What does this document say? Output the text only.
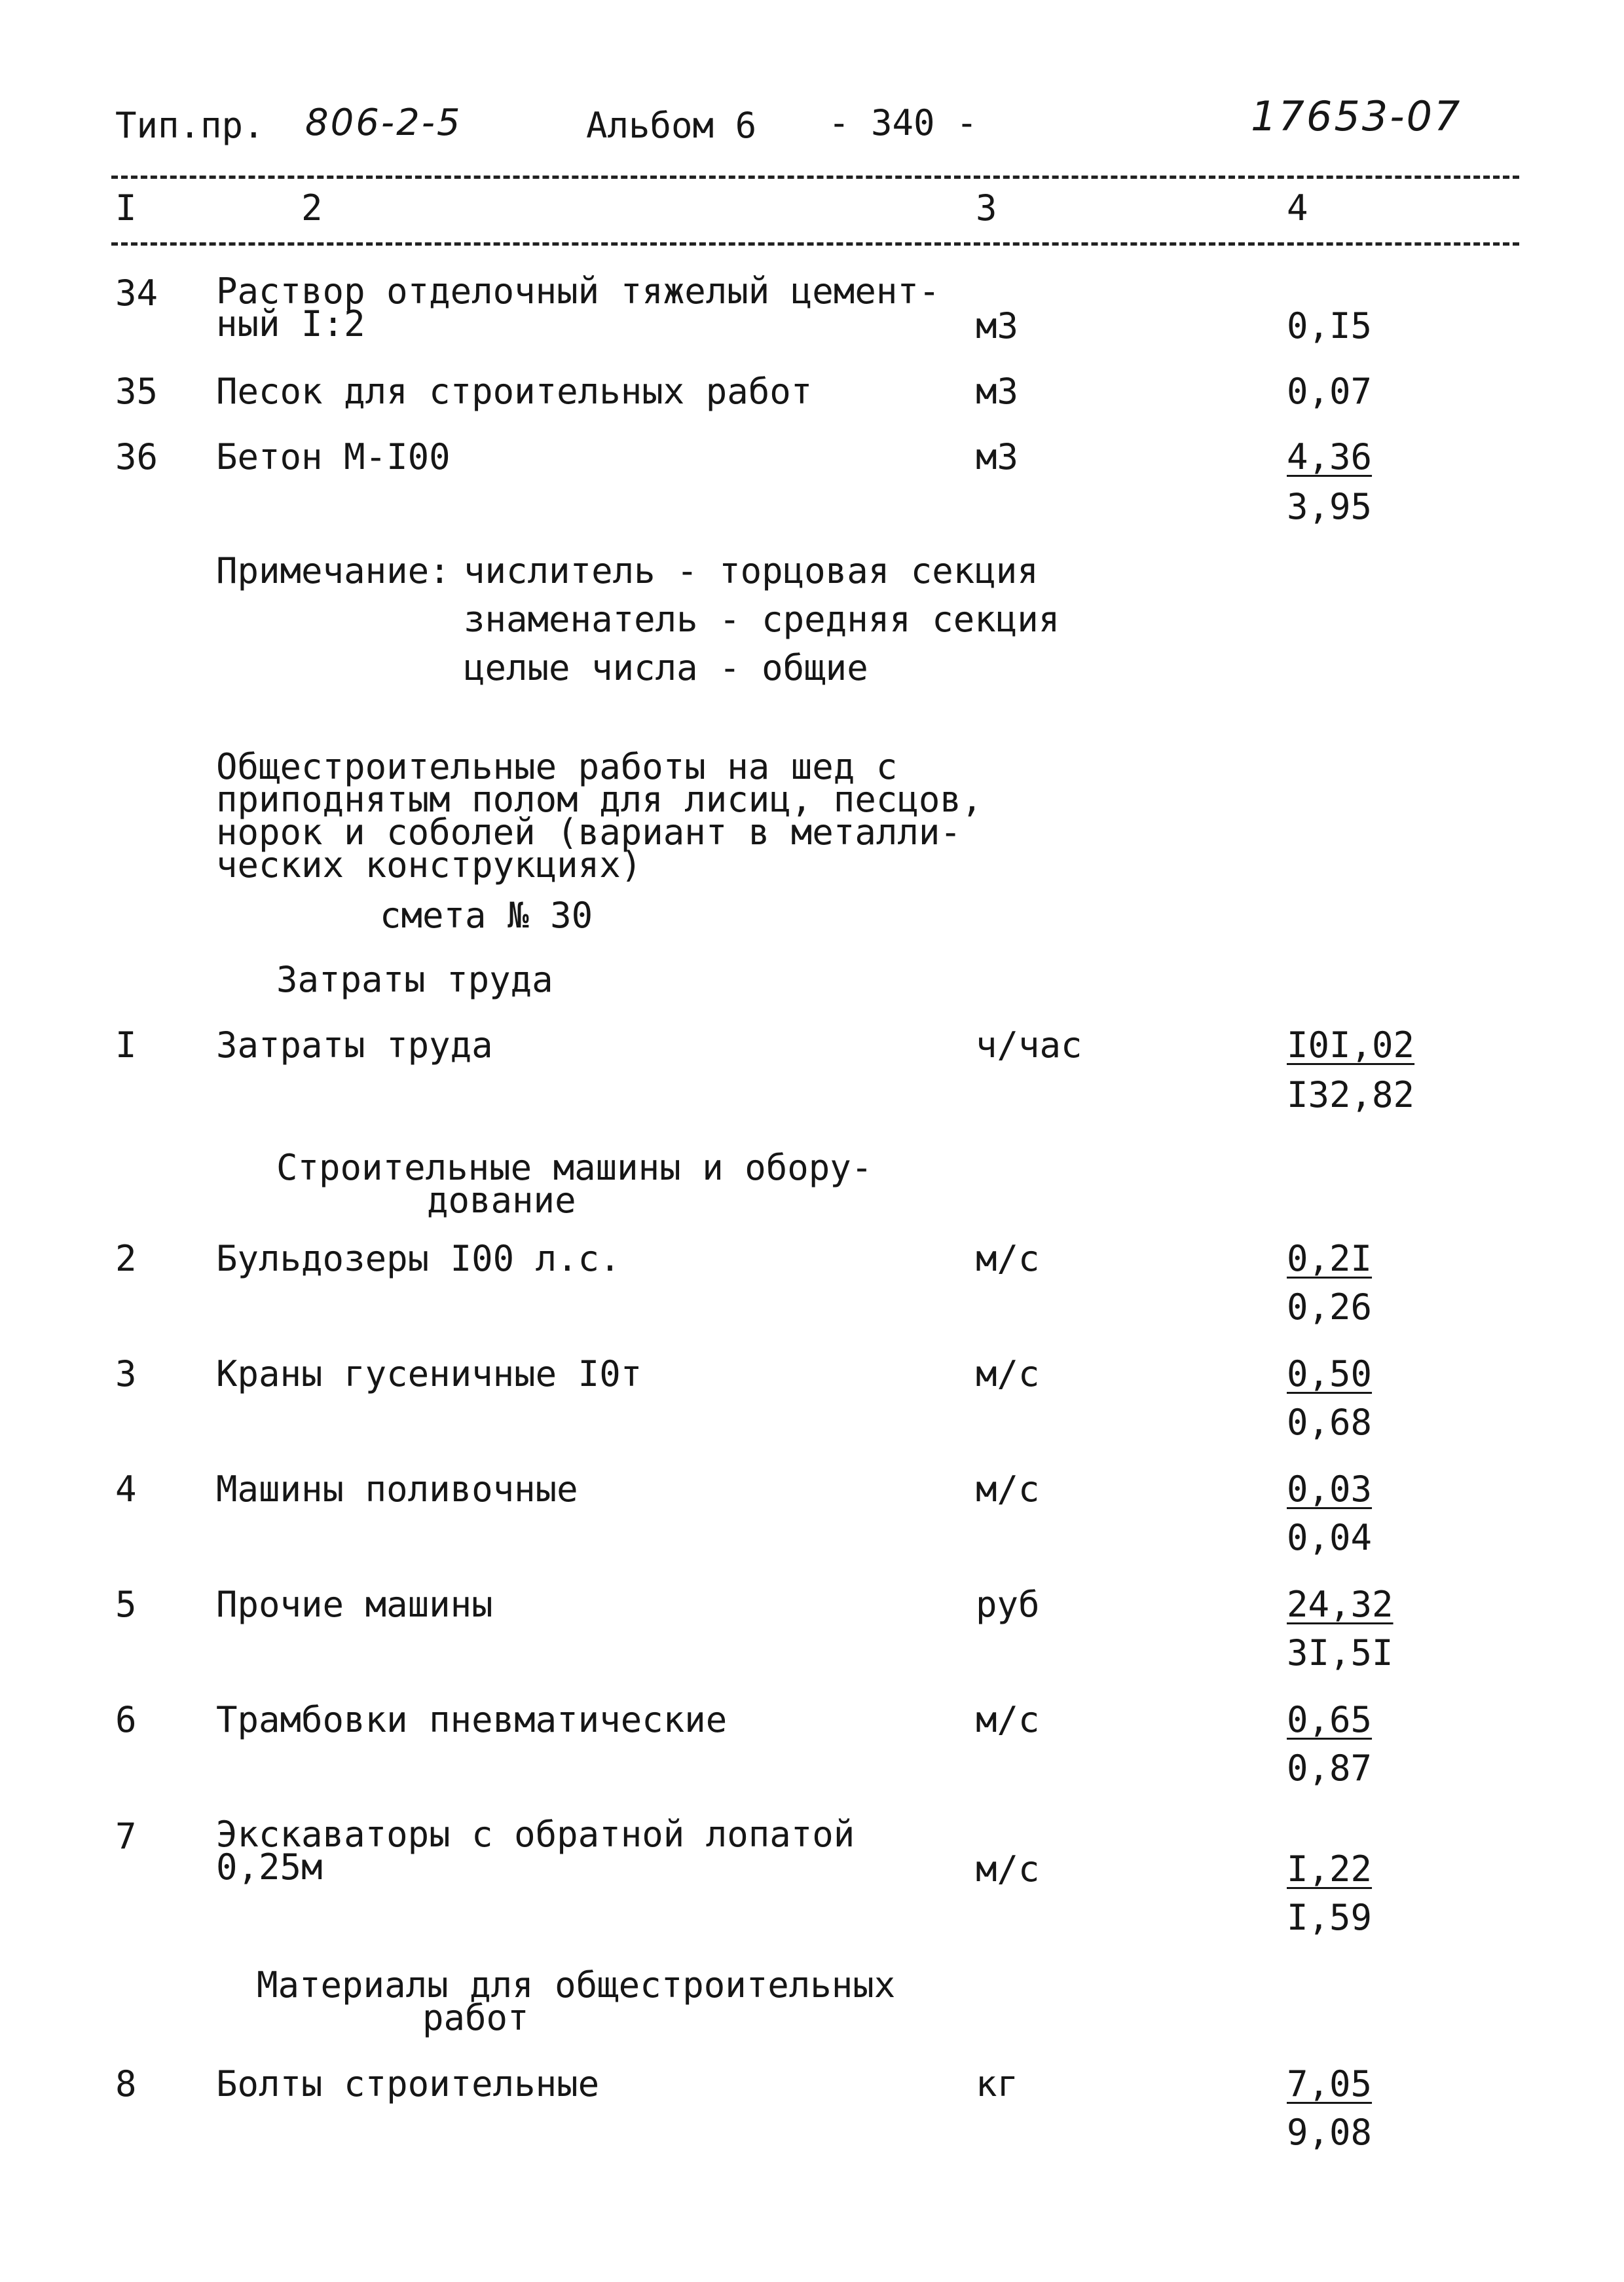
Тип.пр. 806-2-5	Альбом 6 - 340 -	17653-07
I	2	3	4
34 Раствор отделочный тяжелый цемент-
ный I:2	м3	0,I5
35 Песок для строительных работ	м3	0,07
36 Бетон М-I00	м3	4,36
3,95
Примечание: числитель - торцовая секция
знаменатель - средняя секция
целые числа - общие
Общестроительные работы на шед с
приподнятым полом для лисиц, песцов,
норок и соболей (вариант в металли-
ческих конструкциях)
смета № 30
Затраты труда
I Затраты труда	ч/час	I0I,02
I32,82
Строительные машины и обору-
дование
2 Бульдозеры I00 л.с.	м/с	0,2I
0,26
3 Краны гусеничные I0т	м/с	0,50
0,68
4 Машины поливочные	м/с	0,03
0,04
5 Прочие машины	руб	24,32
3I,5I
6 Трамбовки пневматические	м/с	0,65
0,87
7 Экскаваторы с обратной лопатой
0,25м	м/с	I,22
I,59
Материалы для общестроительных
работ
8 Болты строительные	кг	7,05
9,08
